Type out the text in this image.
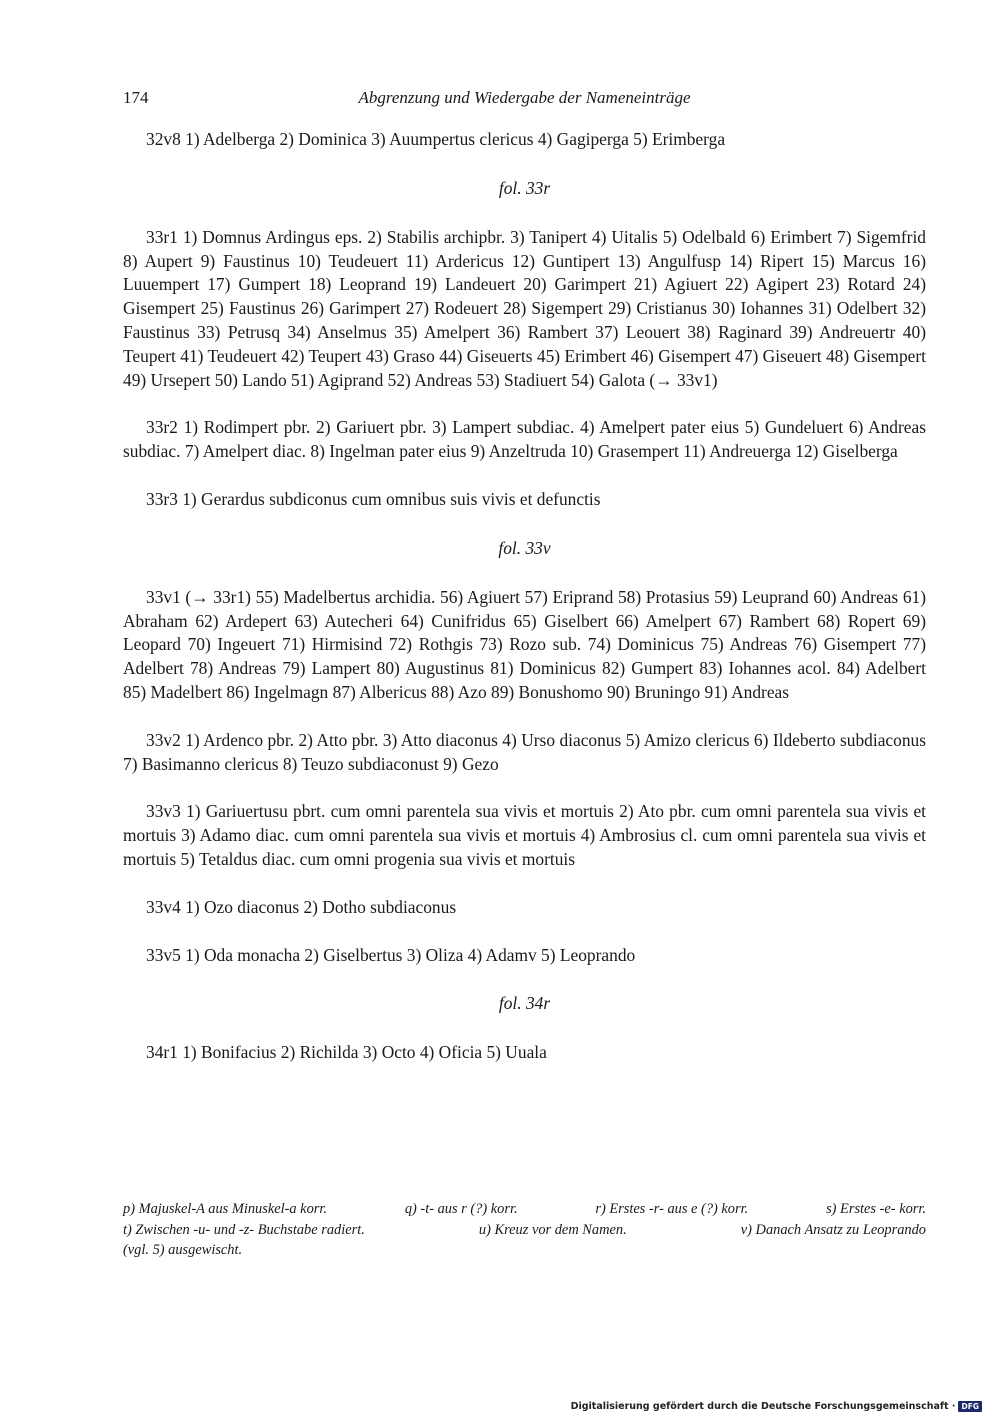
174	Abgrenzung und Wiedergabe der Nameneinträge

32v8 1) Adelberga 2) Dominica 3) Auumpertus clericus 4) Gagiperga 5) Erimberga

fol. 33r

33r1 1) Domnus Ardingus eps. 2) Stabilis archipbr. 3) Tanipert 4) Uitalis 5) Odelbald 6) Erimbert 7) Sigemfrid 8) Aupert 9) Faustinus 10) Teudeuert 11) Ardericus 12) Guntipert 13) Angulfusp 14) Ripert 15) Marcus 16) Luuempert 17) Gumpert 18) Leoprand 19) Landeuert 20) Garimpert 21) Agiuert 22) Agipert 23) Rotard 24) Gisempert 25) Faustinus 26) Garimpert 27) Rodeuert 28) Sigempert 29) Cristianus 30) Iohannes 31) Odelbert 32) Faustinus 33) Petrusq 34) Anselmus 35) Amelpert 36) Rambert 37) Leouert 38) Raginard 39) Andreuertr 40) Teupert 41) Teudeuert 42) Teupert 43) Graso 44) Giseuerts 45) Erimbert 46) Gisempert 47) Giseuert 48) Gisempert 49) Ursepert 50) Lando 51) Agiprand 52) Andreas 53) Stadiuert 54) Galota (→ 33v1)

33r2 1) Rodimpert pbr. 2) Gariuert pbr. 3) Lampert subdiac. 4) Amelpert pater eius 5) Gundeluert 6) Andreas subdiac. 7) Amelpert diac. 8) Ingelman pater eius 9) Anzeltruda 10) Grasempert 11) Andreuerga 12) Giselberga

33r3 1) Gerardus subdiconus cum omnibus suis vivis et defunctis

fol. 33v

33v1 (→ 33r1) 55) Madelbertus archidia. 56) Agiuert 57) Eriprand 58) Protasius 59) Leuprand 60) Andreas 61) Abraham 62) Ardepert 63) Autecheri 64) Cunifridus 65) Giselbert 66) Amelpert 67) Rambert 68) Ropert 69) Leopard 70) Ingeuert 71) Hirmisind 72) Rothgis 73) Rozo sub. 74) Dominicus 75) Andreas 76) Gisempert 77) Adelbert 78) Andreas 79) Lampert 80) Augustinus 81) Dominicus 82) Gumpert 83) Iohannes acol. 84) Adelbert 85) Madelbert 86) Ingelmagn 87) Albericus 88) Azo 89) Bonushomo 90) Bruningo 91) Andreas

33v2 1) Ardenco pbr. 2) Atto pbr. 3) Atto diaconus 4) Urso diaconus 5) Amizo clericus 6) Ildeberto subdiaconus 7) Basimanno clericus 8) Teuzo subdiaconust 9) Gezo

33v3 1) Gariuertusu pbrt. cum omni parentela sua vivis et mortuis 2) Ato pbr. cum omni parentela sua vivis et mortuis 3) Adamo diac. cum omni parentela sua vivis et mortuis 4) Ambrosius cl. cum omni parentela sua vivis et mortuis 5) Tetaldus diac. cum omni progenia sua vivis et mortuis

33v4 1) Ozo diaconus 2) Dotho subdiaconus

33v5 1) Oda monacha 2) Giselbertus 3) Oliza 4) Adamv 5) Leoprando

fol. 34r

34r1 1) Bonifacius 2) Richilda 3) Octo 4) Oficia 5) Uuala

p) Majuskel-A aus Minuskel-a korr.	q) -t- aus r (?) korr.	r) Erstes -r- aus e (?) korr.	s) Erstes -e- korr.
t) Zwischen -u- und -z- Buchstabe radiert.	u) Kreuz vor dem Namen.	v) Danach Ansatz zu Leoprando
(vgl. 5) ausgewischt.
Digitalisierung gefördert durch die Deutsche Forschungsgemeinschaft · DFG
